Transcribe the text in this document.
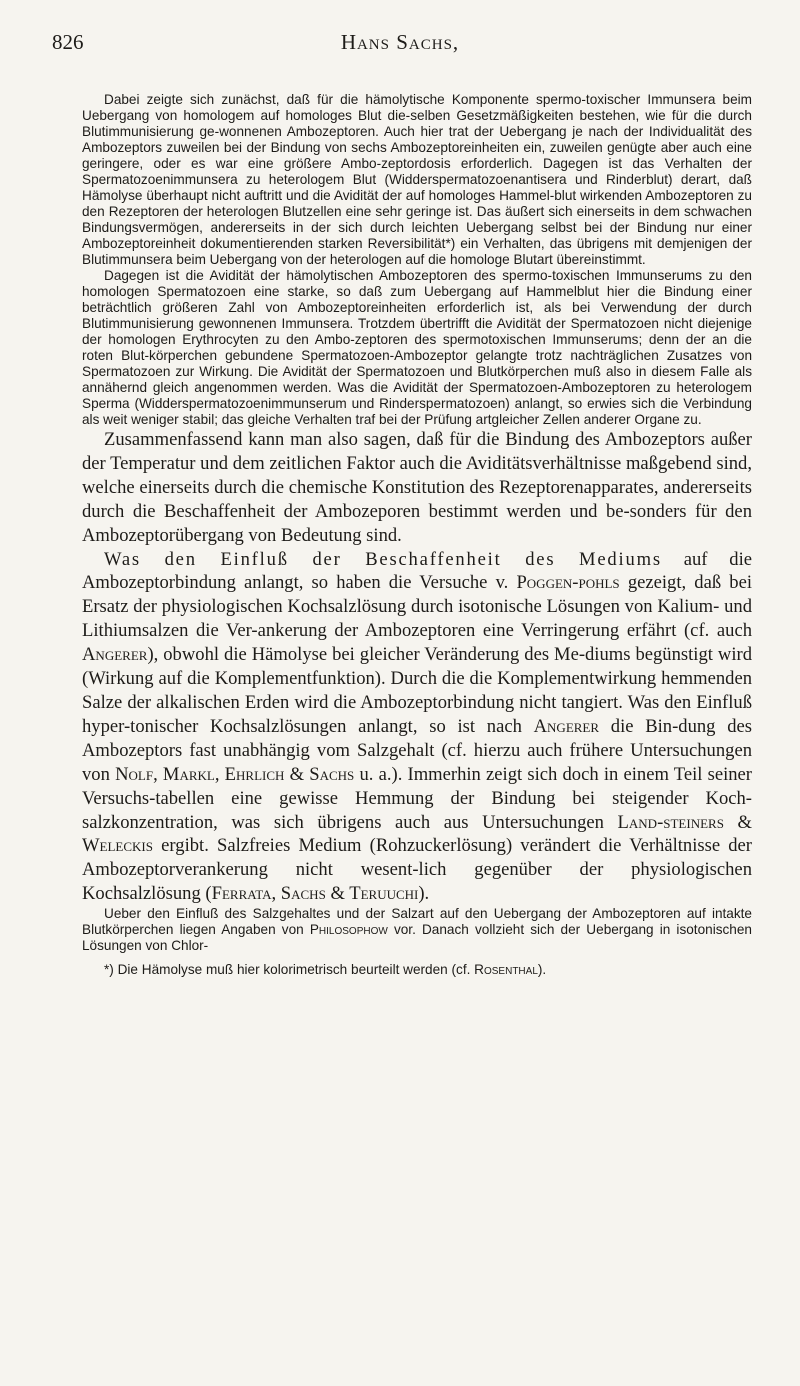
826	Hans Sachs,

Dabei zeigte sich zunächst, daß für die hämolytische Komponente spermo-toxischer Immunsera beim Uebergang von homologem auf homologes Blut die-selben Gesetzmäßigkeiten bestehen, wie für die durch Blutimmunisierung ge-wonnenen Ambozeptoren. Auch hier trat der Uebergang je nach der Individualität des Ambozeptors zuweilen bei der Bindung von sechs Ambozeptoreinheiten ein, zuweilen genügte aber auch eine geringere, oder es war eine größere Ambo-zeptordosis erforderlich. Dagegen ist das Verhalten der Spermatozoenimmunsera zu heterologem Blut (Widderspermatozoenantisera und Rinderblut) derart, daß Hämolyse überhaupt nicht auftritt und die Avidität der auf homologes Hammel-blut wirkenden Ambozeptoren zu den Rezeptoren der heterologen Blutzellen eine sehr geringe ist. Das äußert sich einerseits in dem schwachen Bindungsvermögen, andererseits in der sich durch leichten Uebergang selbst bei der Bindung nur einer Ambozeptoreinheit dokumentierenden starken Reversibilität*) ein Verhalten, das übrigens mit demjenigen der Blutimmunsera beim Uebergang von der heterologen auf die homologe Blutart übereinstimmt.

Dagegen ist die Avidität der hämolytischen Ambozeptoren des spermo-toxischen Immunserums zu den homologen Spermatozoen eine starke, so daß zum Uebergang auf Hammelblut hier die Bindung einer beträchtlich größeren Zahl von Ambozeptoreinheiten erforderlich ist, als bei Verwendung der durch Blutimmunisierung gewonnenen Immunsera. Trotzdem übertrifft die Avidität der Spermatozoen nicht diejenige der homologen Erythrocyten zu den Ambo-zeptoren des spermotoxischen Immunserums; denn der an die roten Blut-körperchen gebundene Spermatozoen-Ambozeptor gelangte trotz nachträglichen Zusatzes von Spermatozoen zur Wirkung. Die Avidität der Spermatozoen und Blutkörperchen muß also in diesem Falle als annähernd gleich angenommen werden. Was die Avidität der Spermatozoen-Ambozeptoren zu heterologem Sperma (Widderspermatozoenimmunserum und Rinderspermatozoen) anlangt, so erwies sich die Verbindung als weit weniger stabil; das gleiche Verhalten traf bei der Prüfung artgleicher Zellen anderer Organe zu.

Zusammenfassend kann man also sagen, daß für die Bindung des Ambozeptors außer der Temperatur und dem zeitlichen Faktor auch die Aviditätsverhältnisse maßgebend sind, welche einerseits durch die chemische Konstitution des Rezeptorenapparates, andererseits durch die Beschaffenheit der Ambozeporen bestimmt werden und be-sonders für den Ambozeptorübergang von Bedeutung sind.

Was den Einfluß der Beschaffenheit des Mediums auf die Ambozeptorbindung anlangt, so haben die Versuche v. Poggen-pohls gezeigt, daß bei Ersatz der physiologischen Kochsalzlösung durch isotonische Lösungen von Kalium- und Lithiumsalzen die Ver-ankerung der Ambozeptoren eine Verringerung erfährt (cf. auch Angerer), obwohl die Hämolyse bei gleicher Veränderung des Me-diums begünstigt wird (Wirkung auf die Komplementfunktion). Durch die die Komplementwirkung hemmenden Salze der alkalischen Erden wird die Ambozeptorbindung nicht tangiert. Was den Einfluß hyper-tonischer Kochsalzlösungen anlangt, so ist nach Angerer die Bin-dung des Ambozeptors fast unabhängig vom Salzgehalt (cf. hierzu auch frühere Untersuchungen von Nolf, Markl, Ehrlich & Sachs u. a.). Immerhin zeigt sich doch in einem Teil seiner Versuchs-tabellen eine gewisse Hemmung der Bindung bei steigender Koch-salzkonzentration, was sich übrigens auch aus Untersuchungen Land-steiners & Weleckis ergibt. Salzfreies Medium (Rohzuckerlösung) verändert die Verhältnisse der Ambozeptorverankerung nicht wesent-lich gegenüber der physiologischen Kochsalzlösung (Ferrata, Sachs & Teruuchi).

Ueber den Einfluß des Salzgehaltes und der Salzart auf den Uebergang der Ambozeptoren auf intakte Blutkörperchen liegen Angaben von Philosophow vor. Danach vollzieht sich der Uebergang in isotonischen Lösungen von Chlor-

*) Die Hämolyse muß hier kolorimetrisch beurteilt werden (cf. Rosenthal).
